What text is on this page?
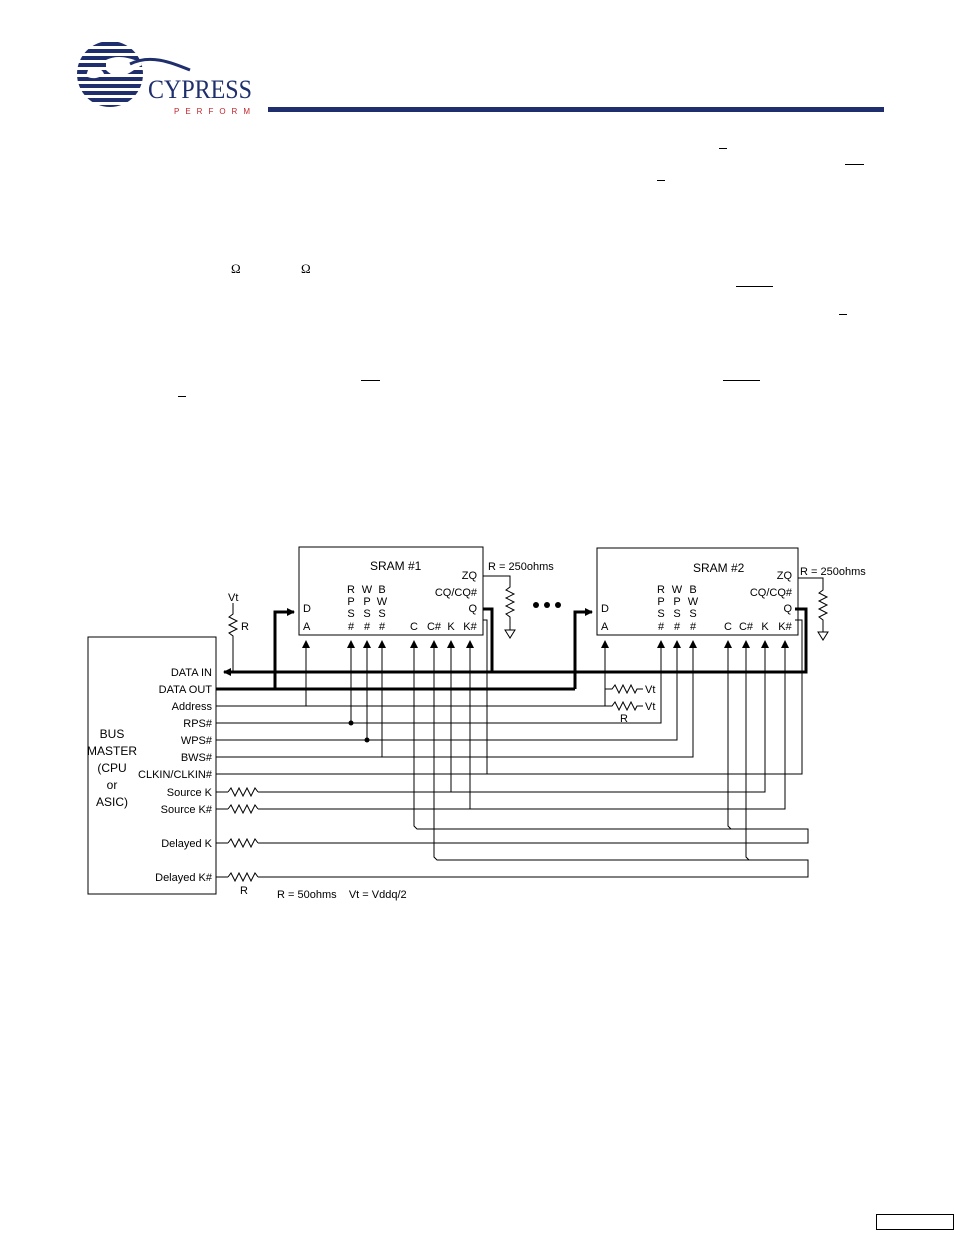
CYPRESS
PERFORM
Ω	Ω
BUS
MASTER
(CPU
or
ASIC)
DATA IN
DATA OUT
Address
RPS#
WPS#
BWS#
CLKIN/CLKIN#
Source K
Source K#
Delayed K
Delayed K#
SRAM #1
ZQ
CQ/CQ#
Q
D
A
R
P
S
#
W
P
S
#
B
W
S
# C C# K K#
R = 250ohms	SRAM #2
ZQ
CQ/CQ#
Q
D
A
R
P
S
#
W
P
S
#
B
W
S
#	C C# K K#
R = 250ohms
Vt
R
Vt
Vt
R
R	R = 50ohms    Vt = Vddq/2
